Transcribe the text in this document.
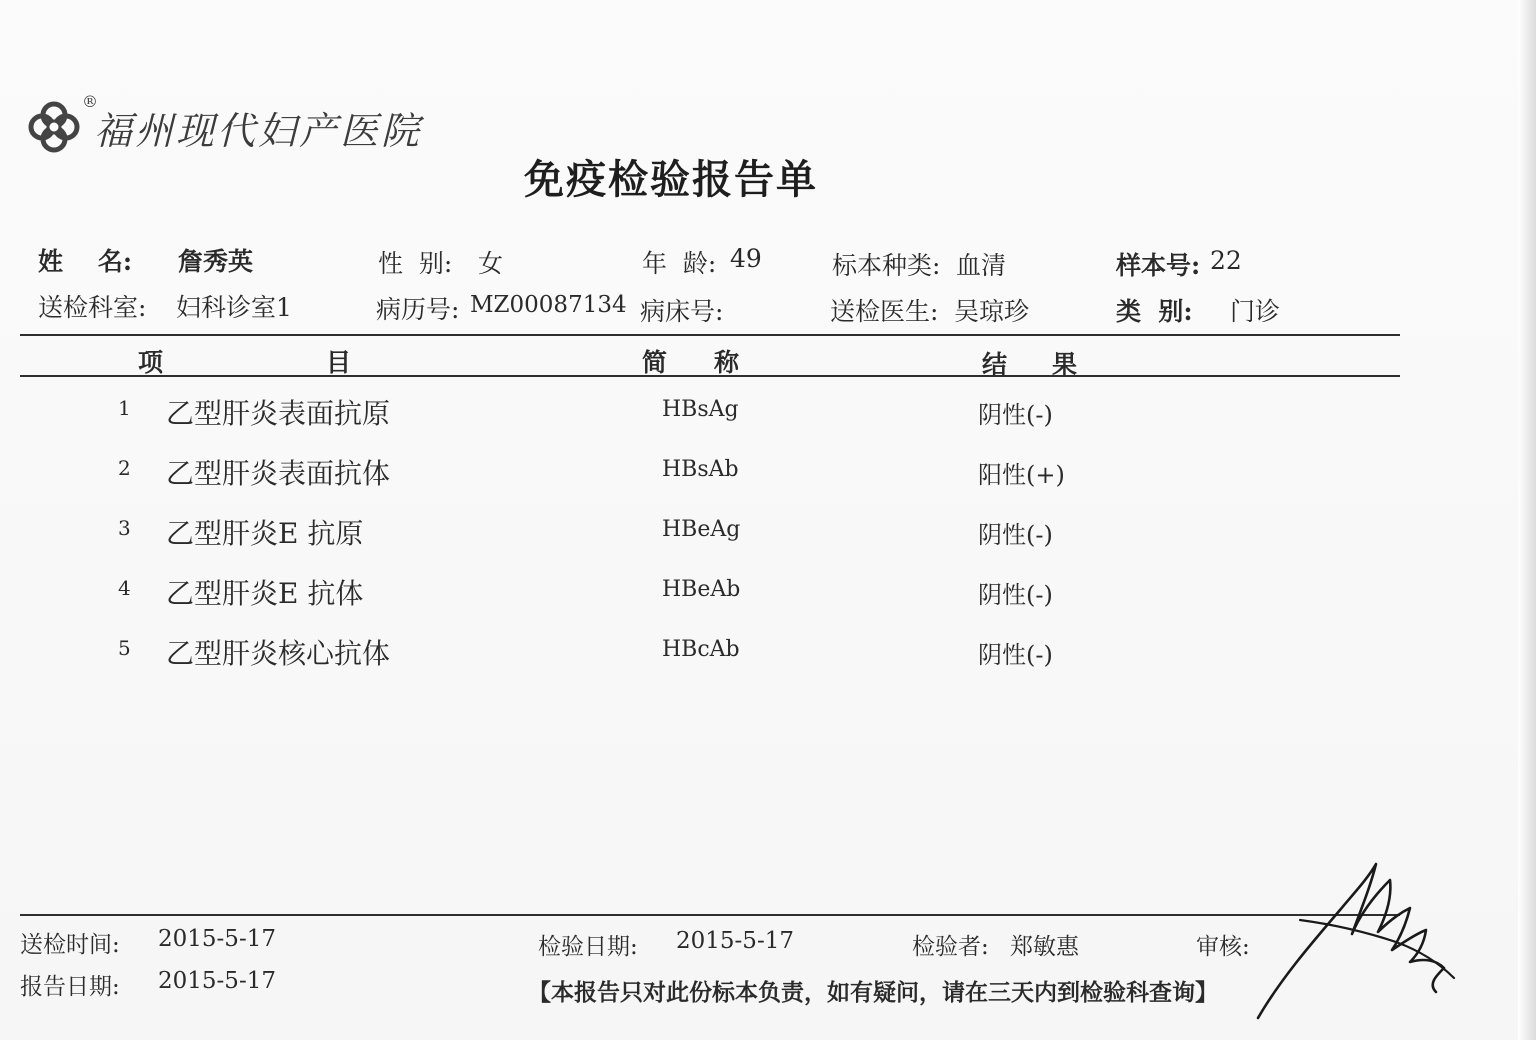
福州现代妇产医院
®
免疫检验报告单
姓    名: 詹秀英	性  别: 女	年  龄: 49	标本种类: 血清	样本号: 22
送检科室: 妇科诊室1	病历号: MZ00087134 病床号:	送检医生: 吴琼珍	类  别: 门诊
项	目	简 称	结 果
1 乙型肝炎表面抗原	HBsAg	阴性(-)
2 乙型肝炎表面抗体	HBsAb	阳性(+)
3 乙型肝炎E 抗原	HBeAg	阴性(-)
4 乙型肝炎E 抗体	HBeAb	阴性(-)
5 乙型肝炎核心抗体	HBcAb	阴性(-)
送检时间: 2015-5-17
报告日期: 2015-5-17
检验日期: 2015-5-17	检验者: 郑敏惠	审核:
【本报告只对此份标本负责，如有疑问，请在三天内到检验科查询】
